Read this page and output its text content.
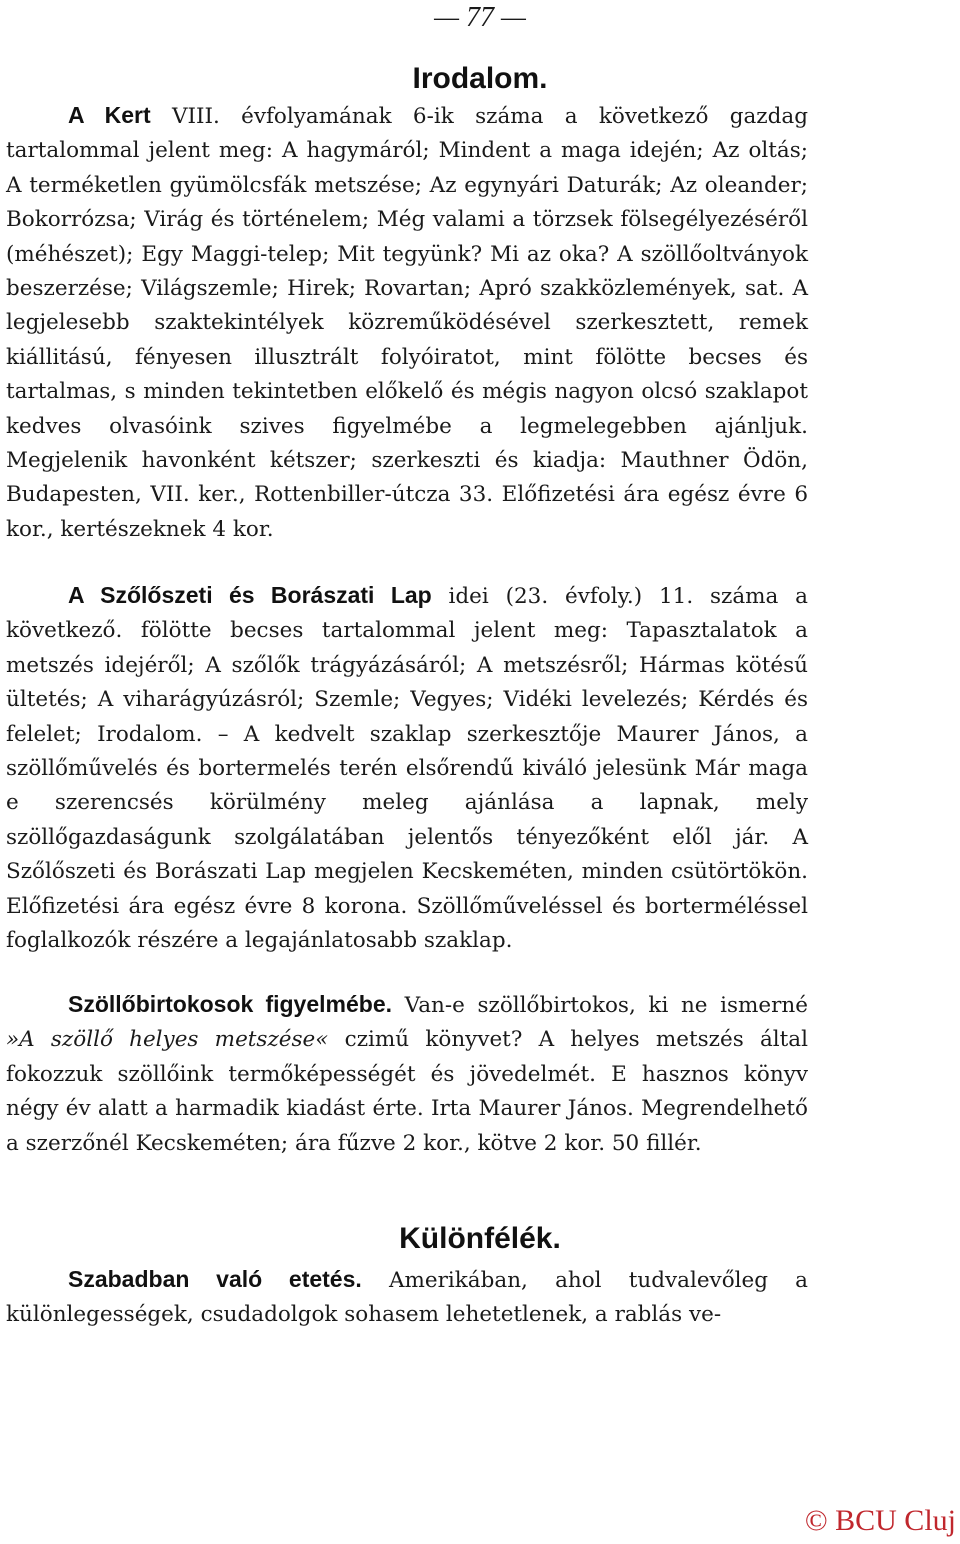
— 77 —
Irodalom.
A Kert VIII. évfolyamának 6-ik száma a következő gazdag tartalommal jelent meg: A hagymáról; Mindent a maga idején; Az oltás; A terméketlen gyümölcsfák metszése; Az egynyári Daturák; Az oleander; Bokorrózsa; Virág és történelem; Még valami a törzsek fölsegélyezéséről (méhészet); Egy Maggi-telep; Mit tegyünk? Mi az oka? A szöllőoltványok beszerzése; Világszemle; Hirek; Rovartan; Apró szakközlemények, sat. A legjelesebb szaktekintélyek közreműködésével szerkesztett, remek kiállitású, fényesen illusztrált folyóiratot, mint fölötte becses és tartalmas, s minden tekintetben előkelő és mégis nagyon olcsó szaklapot kedves olvasóink szives figyelmébe a legmelegebben ajánljuk. Megjelenik havonként kétszer; szerkeszti és kiadja: Mauthner Ödön, Budapesten, VII. ker., Rottenbiller-útcza 33. Előfizetési ára egész évre 6 kor., kertészeknek 4 kor.
A Szőlőszeti és Borászati Lap idei (23. évfoly.) 11. száma a következő. fölötte becses tartalommal jelent meg: Tapasztalatok a metszés idejéről; A szőlők trágyázásáról; A metszésről; Hármas kötésű ültetés; A viharágyúzásról; Szemle; Vegyes; Vidéki levelezés; Kérdés és felelet; Irodalom. – A kedvelt szaklap szerkesztője Maurer János, a szöllőművelés és bortermelés terén elsőrendű kiváló jelesünk Már maga e szerencsés körülmény meleg ajánlása a lapnak, mely szöllőgazdaságunk szolgálatában jelentős tényezőként elől jár. A Szőlőszeti és Borászati Lap megjelen Kecskeméten, minden csütörtökön. Előfizetési ára egész évre 8 korona. Szöllőműveléssel és borterméléssel foglalkozók részére a legajánlatosabb szaklap.
Szöllőbirtokosok figyelmébe. Van-e szöllőbirtokos, ki ne ismerné »A szöllő helyes metszése« czimű könyvet? A helyes metszés által fokozzuk szöllőink termőképességét és jövedelmét. E hasznos könyv négy év alatt a harmadik kiadást érte. Irta Maurer János. Megrendelhető a szerzőnél Kecskeméten; ára fűzve 2 kor., kötve 2 kor. 50 fillér.
Különfélék.
Szabadban való etetés. Amerikában, ahol tudvalevőleg a különlegességek, csudadolgok sohasem lehetetlenek, a rablás ve-
© BCU Cluj
